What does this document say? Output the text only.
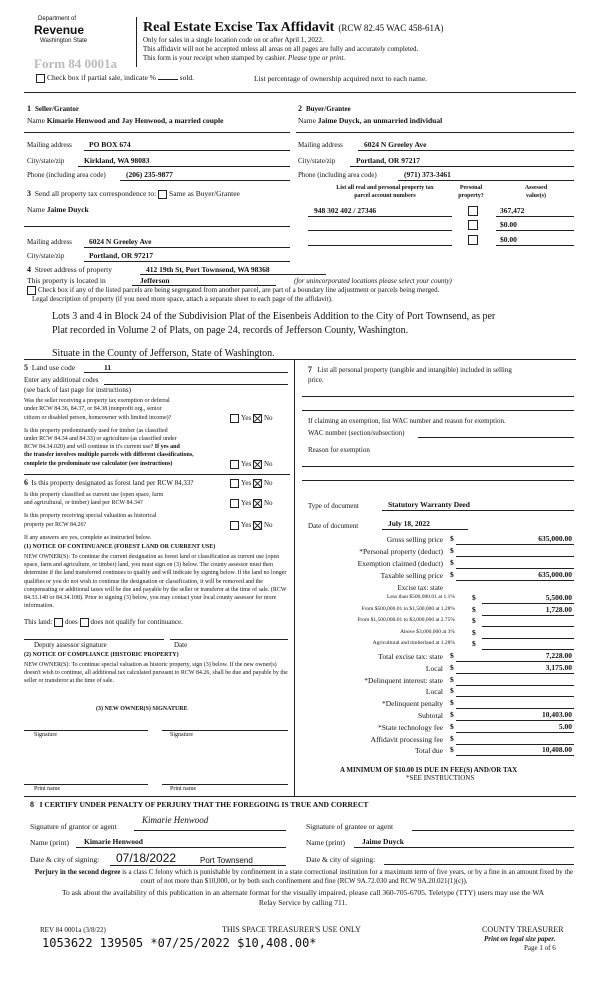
Department of
Revenue
Washington State
Form 84 0001a
Real Estate Excise Tax Affidavit (RCW 82.45 WAC 458-61A)
Only for sales in a single location code on or after April 1, 2022.
This affidavit will not be accepted unless all areas on all pages are fully and accurately completed.
This form is your receipt when stamped by cashier. Please type or print.
Check box if partial sale, indicate %	sold.	List percentage of ownership acquired next to each name.
1 Seller/Grantor
Name Kimarie Henwood and Jay Henwood, a married couple
Mailing address PO BOX 674
City/state/zip	Kirkland, WA 98083
Phone (including area code)	(206) 235-9877
2 Buyer/Grantee
Name Jaime Duyck, an unmarried individual
Mailing address	6024 N Greeley Ave
City/state/zip	Portland, OR 97217
Phone (including area code)	(971) 373-3461
List all real and personal property tax
parcel account numbers
Personal
property?
Assessed
value(s)
948 302 402 / 27346	367,472
$0.00
$0.00
3 Send all property tax correspondence to: Same as Buyer/Grantee
Name Jaime Duyck
Mailing address 6024 N Greeley Ave
City/state/zip	Portland, OR 97217
4 Street address of property	412 19th St, Port Townsend, WA 98368
This property is located in	Jefferson	(for unincorporated locations please select your county)
Check box if any of the listed parcels are being segregated from another parcel, are part of a boundary line adjustment or parcels being merged.
Legal description of property (if you need more space, attach a separate sheet to each page of the affidavit).
Lots 3 and 4 in Block 24 of the Subdivision Plat of the Eisenbeis Addition to the City of Port Townsend, as per
Plat recorded in Volume 2 of Plats, on page 24, records of Jefferson County, Washington.
Situate in the County of Jefferson, State of Washington.
5 Land use code	11
Enter any additional codes
(see back of last page for instructions)
Was the seller receiving a property tax exemption or deferral
under RCW 84.36, 84.37, or 84.38 (nonprofit org., senior
citizen or disabled person, homeowner with limited income)?	Yes No
Is this property predominantly used for timber (as classified
under RCW 84.34 and 84.33) or agriculture (as classified under
RCW 84.34.020) and will continue in it's current use? If yes and
the transfer involves multiple parcels with different classifications,
complete the predominate use calculator (see instructions)	Yes No
6 Is this property designated as forest land per RCW 84.33?	Yes No
Is this property classified as current use (open space, farm
and agricultural, or timber) land per RCW 84.34?	Yes No
Is this property receiving special valuation as historical
property per RCW 84.26?	Yes No
If any answers are yes, complete as instructed below.
(1) NOTICE OF CONTINUANCE (FOREST LAND OR CURRENT USE)
NEW OWNER(S): To continue the current designation as forest land or classification as current use (open space, farm and agriculture, or timber) land, you must sign on (3) below. The county assessor must then determine if the land transferred continues to qualify and will indicate by signing below. If the land no longer qualifies or you do not wish to continue the designation or classification, it will be removed and the compensating or additional taxes will be due and payable by the seller or transferor at the time of sale. (RCW 84.33.140 or 84.34.108). Prior to signing (3) below, you may contact your local county assessor for more information.
This land: does does not qualify for continuance.
Deputy assessor signature	Date
(2) NOTICE OF COMPLIANCE (HISTORIC PROPERTY)
NEW OWNER(S): To continue special valuation as historic property, sign (3) below. If the new owner(s) doesn't wish to continue, all additional tax calculated pursuant to RCW 84.26, shall be due and payable by the seller or transferor at the time of sale.
(3) NEW OWNER(S) SIGNATURE
Signature	Signature
Print name	Print name
7 List all personal property (tangible and intangible) included in selling
price.
If claiming an exemption, list WAC number and reason for exemption.
WAC number (section/subsection)
Reason for exemption
Type of document	Statutory Warranty Deed
Date of document	July 18, 2022
Excise tax: state
Gross selling price $	635,000.00
*Personal property (deduct) $
Exemption claimed (deduct) $
Taxable selling price $	635,000.00
Less than $500,000.01 at 1.1% $	5,500.00
From $500,000.01 to $1,500,000 at 1.28% $	1,728.00
From $1,500,000.01 to $3,000,000 at 2.75% $
Above $3,000,000 at 3% $
Agricultural and timberland at 1.28% $
Total excise tax: state $	7,228.00
Local $	3,175.00
*Delinquent interest: state $
Local $
*Delinquent penalty $
Subtotal $	10,403.00
*State technology fee $	5.00
Affidavit processing fee $
Total due $	10,408.00
A MINIMUM OF $10.00 IS DUE IN FEE(S) AND/OR TAX
*SEE INSTRUCTIONS
8 I CERTIFY UNDER PENALTY OF PERJURY THAT THE FOREGOING IS TRUE AND CORRECT
Signature of grantor or agent
Kimarie Henwood
Signature of grantee or agent
Name (print) Kimarie Henwood	Name (print) Jaime Duyck
Date & city of signing: 07/18/2022	Port Townsend	Date & city of signing:
Perjury in the second degree is a class C felony which is punishable by confinement in a state correctional institution for a maximum term of five years, or by a fine in an amount fixed by the court of not more than $10,000, or by both such confinement and fine (RCW 9A.72.030 and RCW 9A.20.021(1)(c)).
To ask about the availability of this publication in an alternate format for the visually impaired, please call 360-705-6705. Teletype (TTY) users may use the WA Relay Service by calling 711.
REV 84 0001a (3/8/22)	THIS SPACE TREASURER'S USE ONLY	COUNTY TREASURER
Print on legal size paper.
Page 1 of 6
1053622 139505 *07/25/2022 $10,408.00*
